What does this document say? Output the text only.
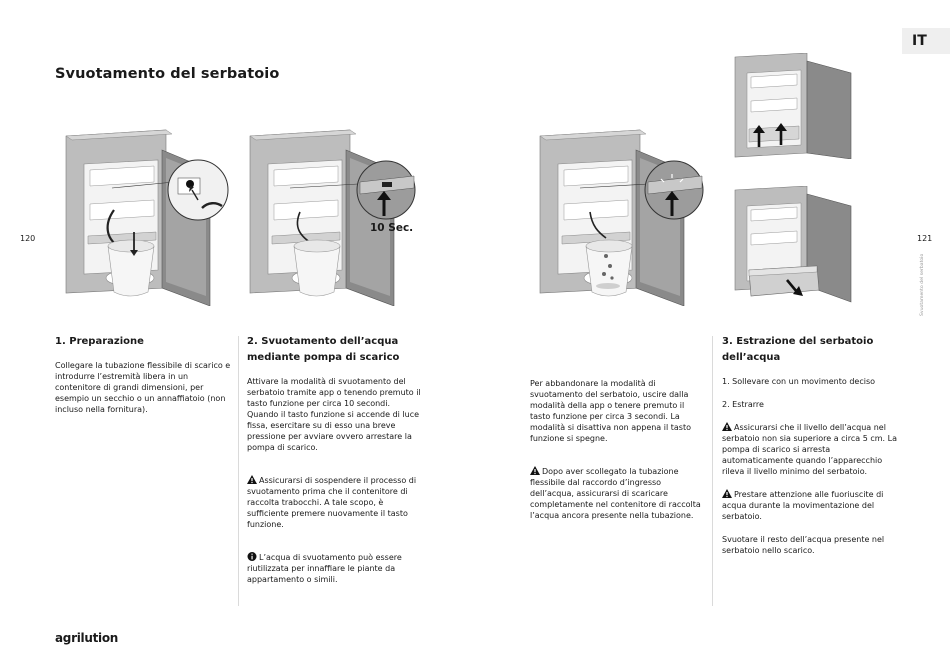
IT
Svuotamento del serbatoio
120	121
Svuotamento del serbatoio
10 Sec.
1. Preparazione

Collegare la tubazione flessibile di scarico e introdurre l’estremità libera in un contenitore di grandi dimensioni, per esempio un secchio o un annaffiatoio (non incluso nella fornitura).

2. Svuotamento dell’acqua mediante pompa di scarico

Attivare la modalità di svuotamento del serbatoio tramite app o tenendo premuto il tasto funzione per circa 10 secondi. Quando il tasto funzione si accende di luce fissa, esercitare su di esso una breve pressione per avviare ovvero arrestare la pompa di scarico.

Assicurarsi di sospendere il processo di svuotamento prima che il contenitore di raccolta trabocchi. A tale scopo, è sufficiente premere nuovamente il tasto funzione.

L’acqua di svuotamento può essere riutilizzata per innaffiare le piante da appartamento o simili.

Per abbandonare la modalità di svuotamento del serbatoio, uscire dalla modalità della app o tenere premuto il tasto funzione per circa 3 secondi. La modalità si disattiva non appena il tasto funzione si spegne.

Dopo aver scollegato la tubazione flessibile dal raccordo d’ingresso dell’acqua, assicurarsi di scaricare completamente nel contenitore di raccolta l’acqua ancora presente nella tubazione.

3. Estrazione del serbatoio dell’acqua

1. Sollevare con un movimento deciso

2. Estrarre

Assicurarsi che il livello dell’acqua nel serbatoio non sia superiore a circa 5 cm. La pompa di scarico si arresta automaticamente quando l’apparecchio rileva il livello minimo del serbatoio.

Prestare attenzione alle fuoriuscite di acqua durante la movimentazione del serbatoio.

Svuotare il resto dell’acqua presente nel serbatoio nello scarico.

agrilution
